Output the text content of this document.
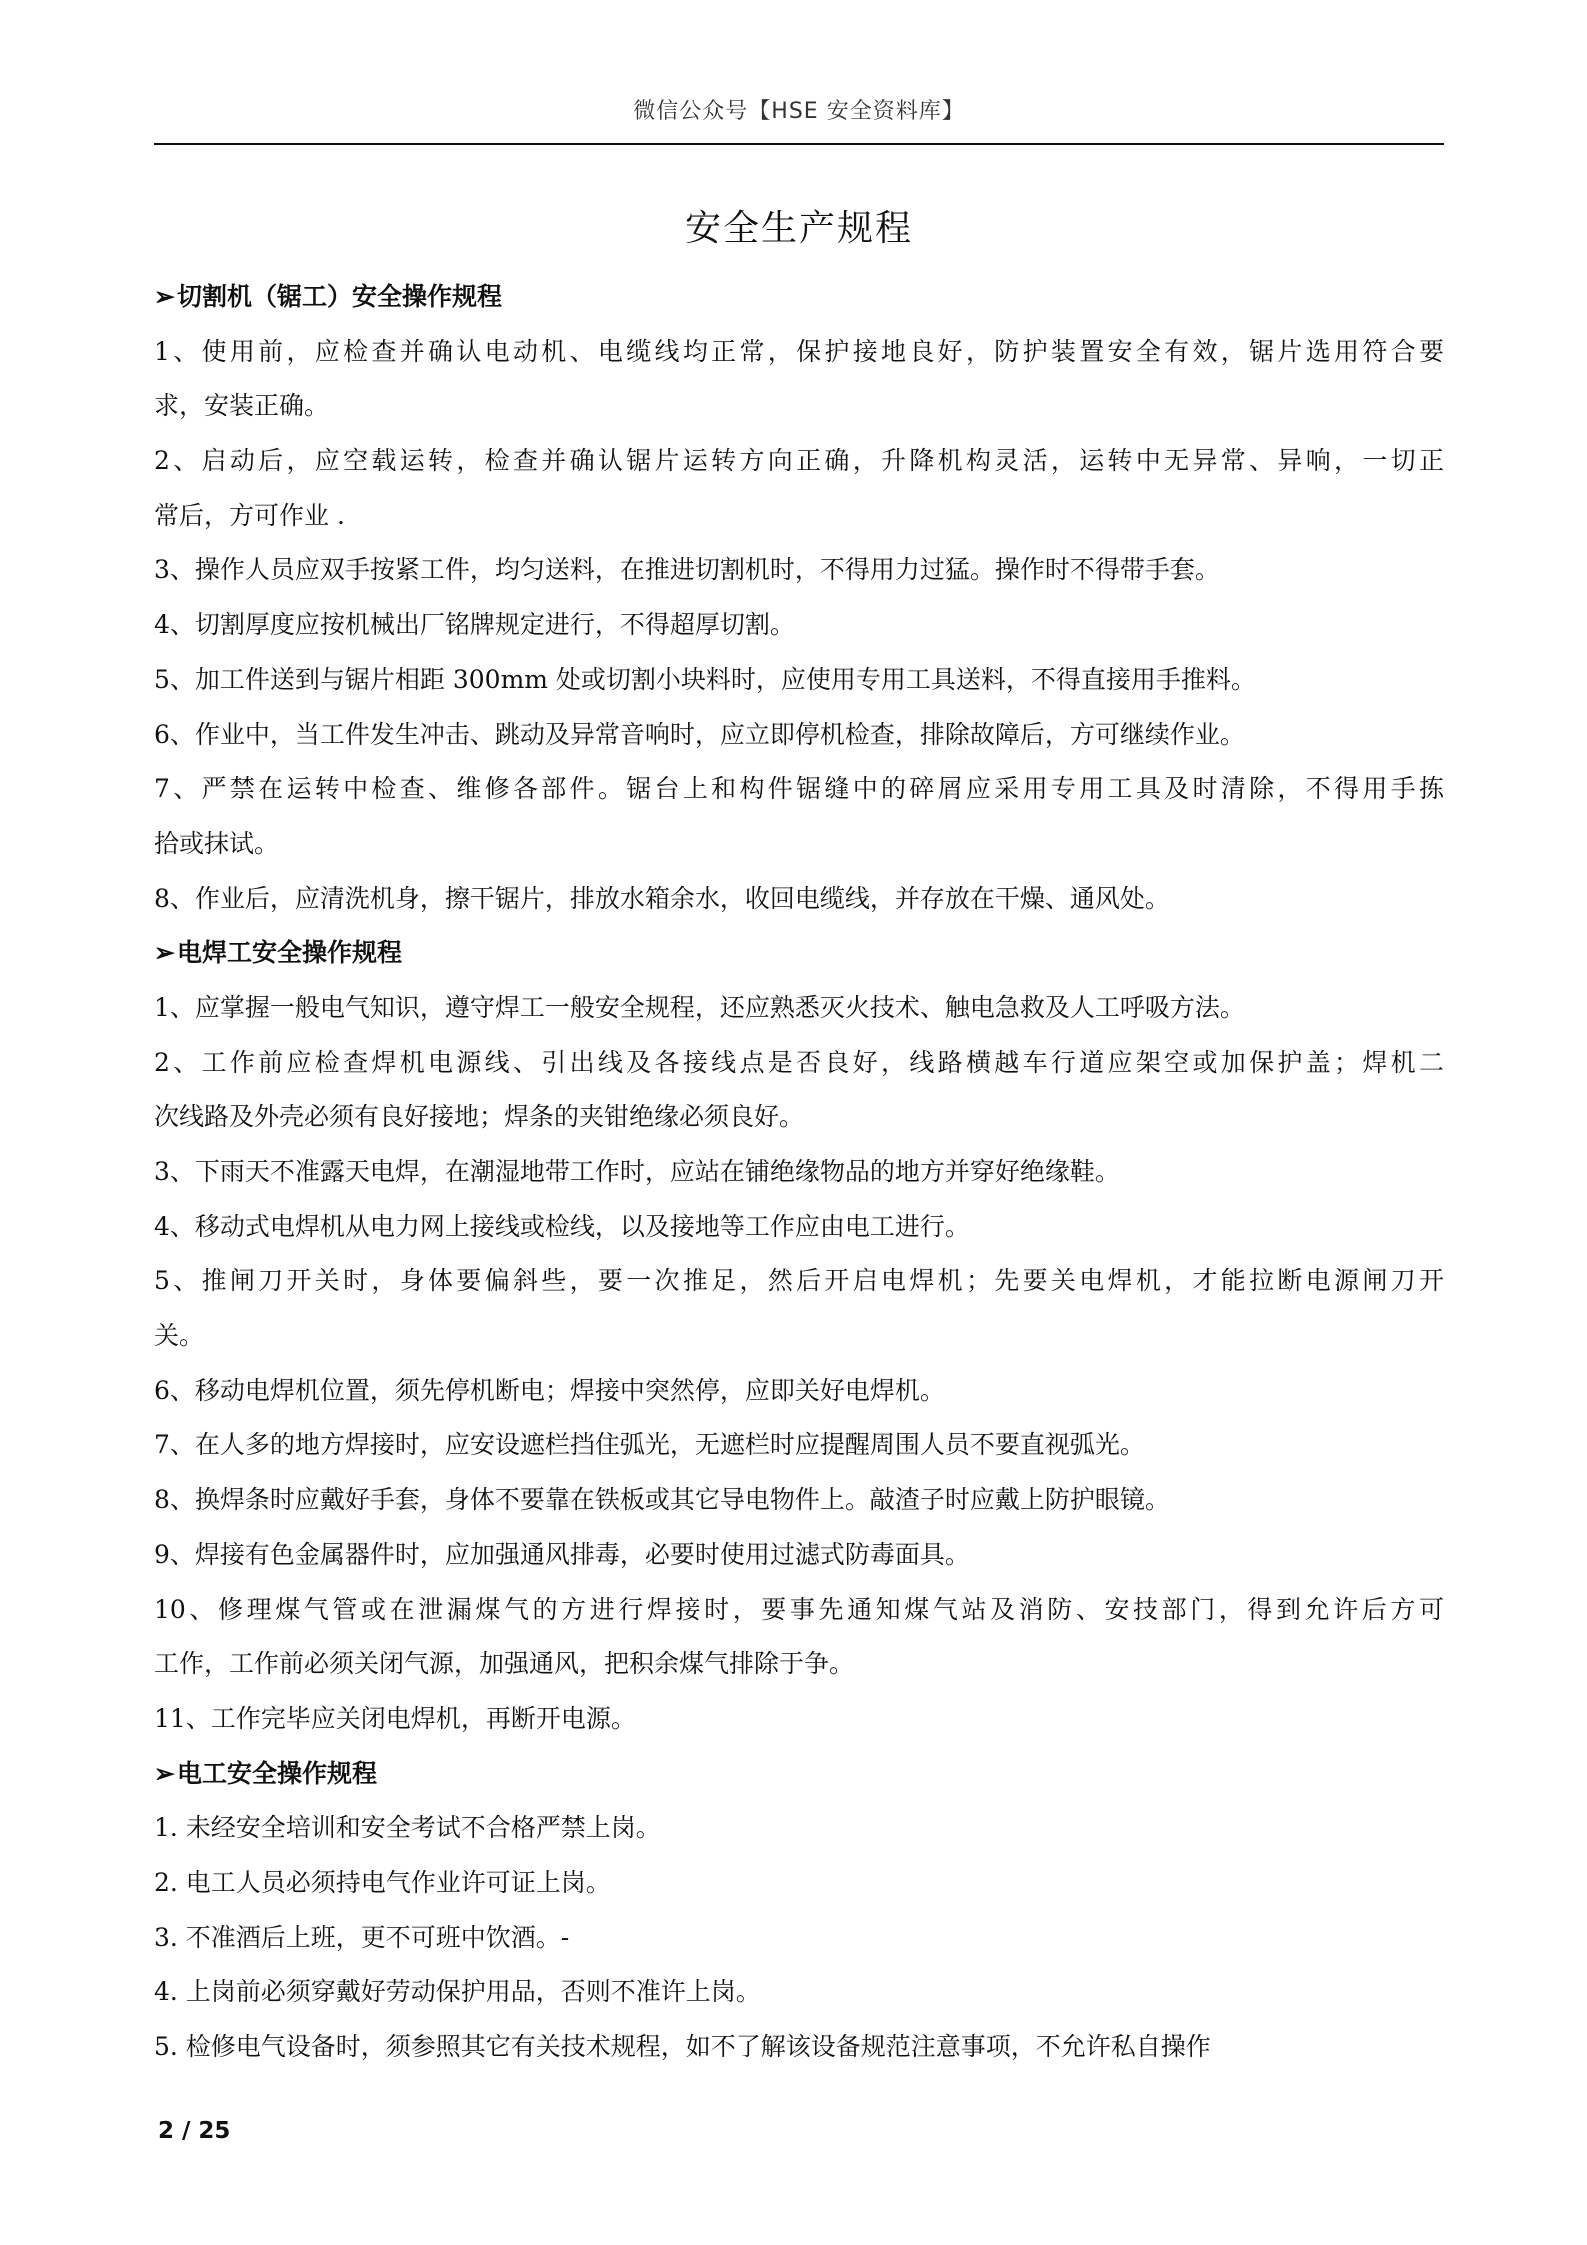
微信公众号【HSE 安全资料库】
安全生产规程
➢切割机（锯工）安全操作规程
1、使用前，应检查并确认电动机、电缆线均正常，保护接地良好，防护装置安全有效，锯片选用符合要
求，安装正确。
2、启动后，应空载运转，检查并确认锯片运转方向正确，升降机构灵活，运转中无异常、异响，一切正
常后，方可作业 .
3、操作人员应双手按紧工件，均匀送料，在推进切割机时，不得用力过猛。操作时不得带手套。
4、切割厚度应按机械出厂铭牌规定进行，不得超厚切割。
5、加工件送到与锯片相距 300mm 处或切割小块料时，应使用专用工具送料，不得直接用手推料。
6、作业中，当工件发生冲击、跳动及异常音响时，应立即停机检查，排除故障后，方可继续作业。
7、严禁在运转中检查、维修各部件。锯台上和构件锯缝中的碎屑应采用专用工具及时清除，不得用手拣
拾或抹试。
8、作业后，应清洗机身，擦干锯片，排放水箱余水，收回电缆线，并存放在干燥、通风处。
➢电焊工安全操作规程
1、应掌握一般电气知识，遵守焊工一般安全规程，还应熟悉灭火技术、触电急救及人工呼吸方法。
2、工作前应检查焊机电源线、引出线及各接线点是否良好，线路横越车行道应架空或加保护盖；焊机二
次线路及外壳必须有良好接地；焊条的夹钳绝缘必须良好。
3、下雨天不准露天电焊，在潮湿地带工作时，应站在铺绝缘物品的地方并穿好绝缘鞋。
4、移动式电焊机从电力网上接线或检线，以及接地等工作应由电工进行。
5、推闸刀开关时，身体要偏斜些，要一次推足，然后开启电焊机；先要关电焊机，才能拉断电源闸刀开
关。
6、移动电焊机位置，须先停机断电；焊接中突然停，应即关好电焊机。
7、在人多的地方焊接时，应安设遮栏挡住弧光，无遮栏时应提醒周围人员不要直视弧光。
8、换焊条时应戴好手套，身体不要靠在铁板或其它导电物件上。敲渣子时应戴上防护眼镜。
9、焊接有色金属器件时，应加强通风排毒，必要时使用过滤式防毒面具。
10、修理煤气管或在泄漏煤气的方进行焊接时，要事先通知煤气站及消防、安技部门，得到允许后方可
工作，工作前必须关闭气源，加强通风，把积余煤气排除于争。
11、工作完毕应关闭电焊机，再断开电源。
➢电工安全操作规程
1. 未经安全培训和安全考试不合格严禁上岗。
2. 电工人员必须持电气作业许可证上岗。
3. 不准酒后上班，更不可班中饮酒。-
4. 上岗前必须穿戴好劳动保护用品，否则不准许上岗。
5. 检修电气设备时，须参照其它有关技术规程，如不了解该设备规范注意事项，不允许私自操作
2 / 25
